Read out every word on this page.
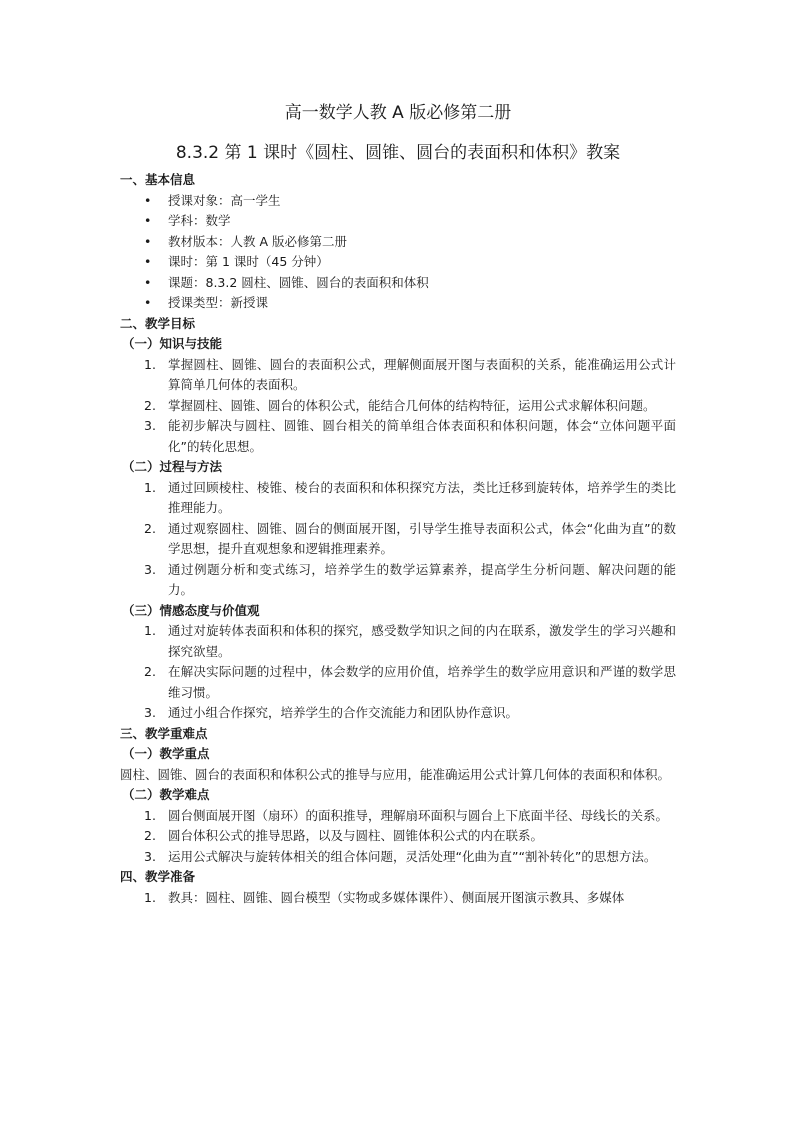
高一数学人教 A 版必修第二册
8.3.2 第 1 课时《圆柱、圆锥、圆台的表面积和体积》教案
一、基本信息
• 授课对象：高一学生
• 学科：数学
• 教材版本：人教 A 版必修第二册
• 课时：第 1 课时（45 分钟）
• 课题：8.3.2 圆柱、圆锥、圆台的表面积和体积
• 授课类型：新授课
二、教学目标
（一）知识与技能
1. 掌握圆柱、圆锥、圆台的表面积公式，理解侧面展开图与表面积的关系，能准确运用公式计算简单几何体的表面积。
2. 掌握圆柱、圆锥、圆台的体积公式，能结合几何体的结构特征，运用公式求解体积问题。
3. 能初步解决与圆柱、圆锥、圆台相关的简单组合体表面积和体积问题，体会“立体问题平面化”的转化思想。
（二）过程与方法
1. 通过回顾棱柱、棱锥、棱台的表面积和体积探究方法，类比迁移到旋转体，培养学生的类比推理能力。
2. 通过观察圆柱、圆锥、圆台的侧面展开图，引导学生推导表面积公式，体会“化曲为直”的数学思想，提升直观想象和逻辑推理素养。
3. 通过例题分析和变式练习，培养学生的数学运算素养，提高学生分析问题、解决问题的能力。
（三）情感态度与价值观
1. 通过对旋转体表面积和体积的探究，感受数学知识之间的内在联系，激发学生的学习兴趣和探究欲望。
2. 在解决实际问题的过程中，体会数学的应用价值，培养学生的数学应用意识和严谨的数学思维习惯。
3. 通过小组合作探究，培养学生的合作交流能力和团队协作意识。
三、教学重难点
（一）教学重点
圆柱、圆锥、圆台的表面积和体积公式的推导与应用，能准确运用公式计算几何体的表面积和体积。
（二）教学难点
1. 圆台侧面展开图（扇环）的面积推导，理解扇环面积与圆台上下底面半径、母线长的关系。
2. 圆台体积公式的推导思路，以及与圆柱、圆锥体积公式的内在联系。
3. 运用公式解决与旋转体相关的组合体问题，灵活处理“化曲为直”“割补转化”的思想方法。
四、教学准备
1. 教具：圆柱、圆锥、圆台模型（实物或多媒体课件）、侧面展开图演示教具、多媒体
